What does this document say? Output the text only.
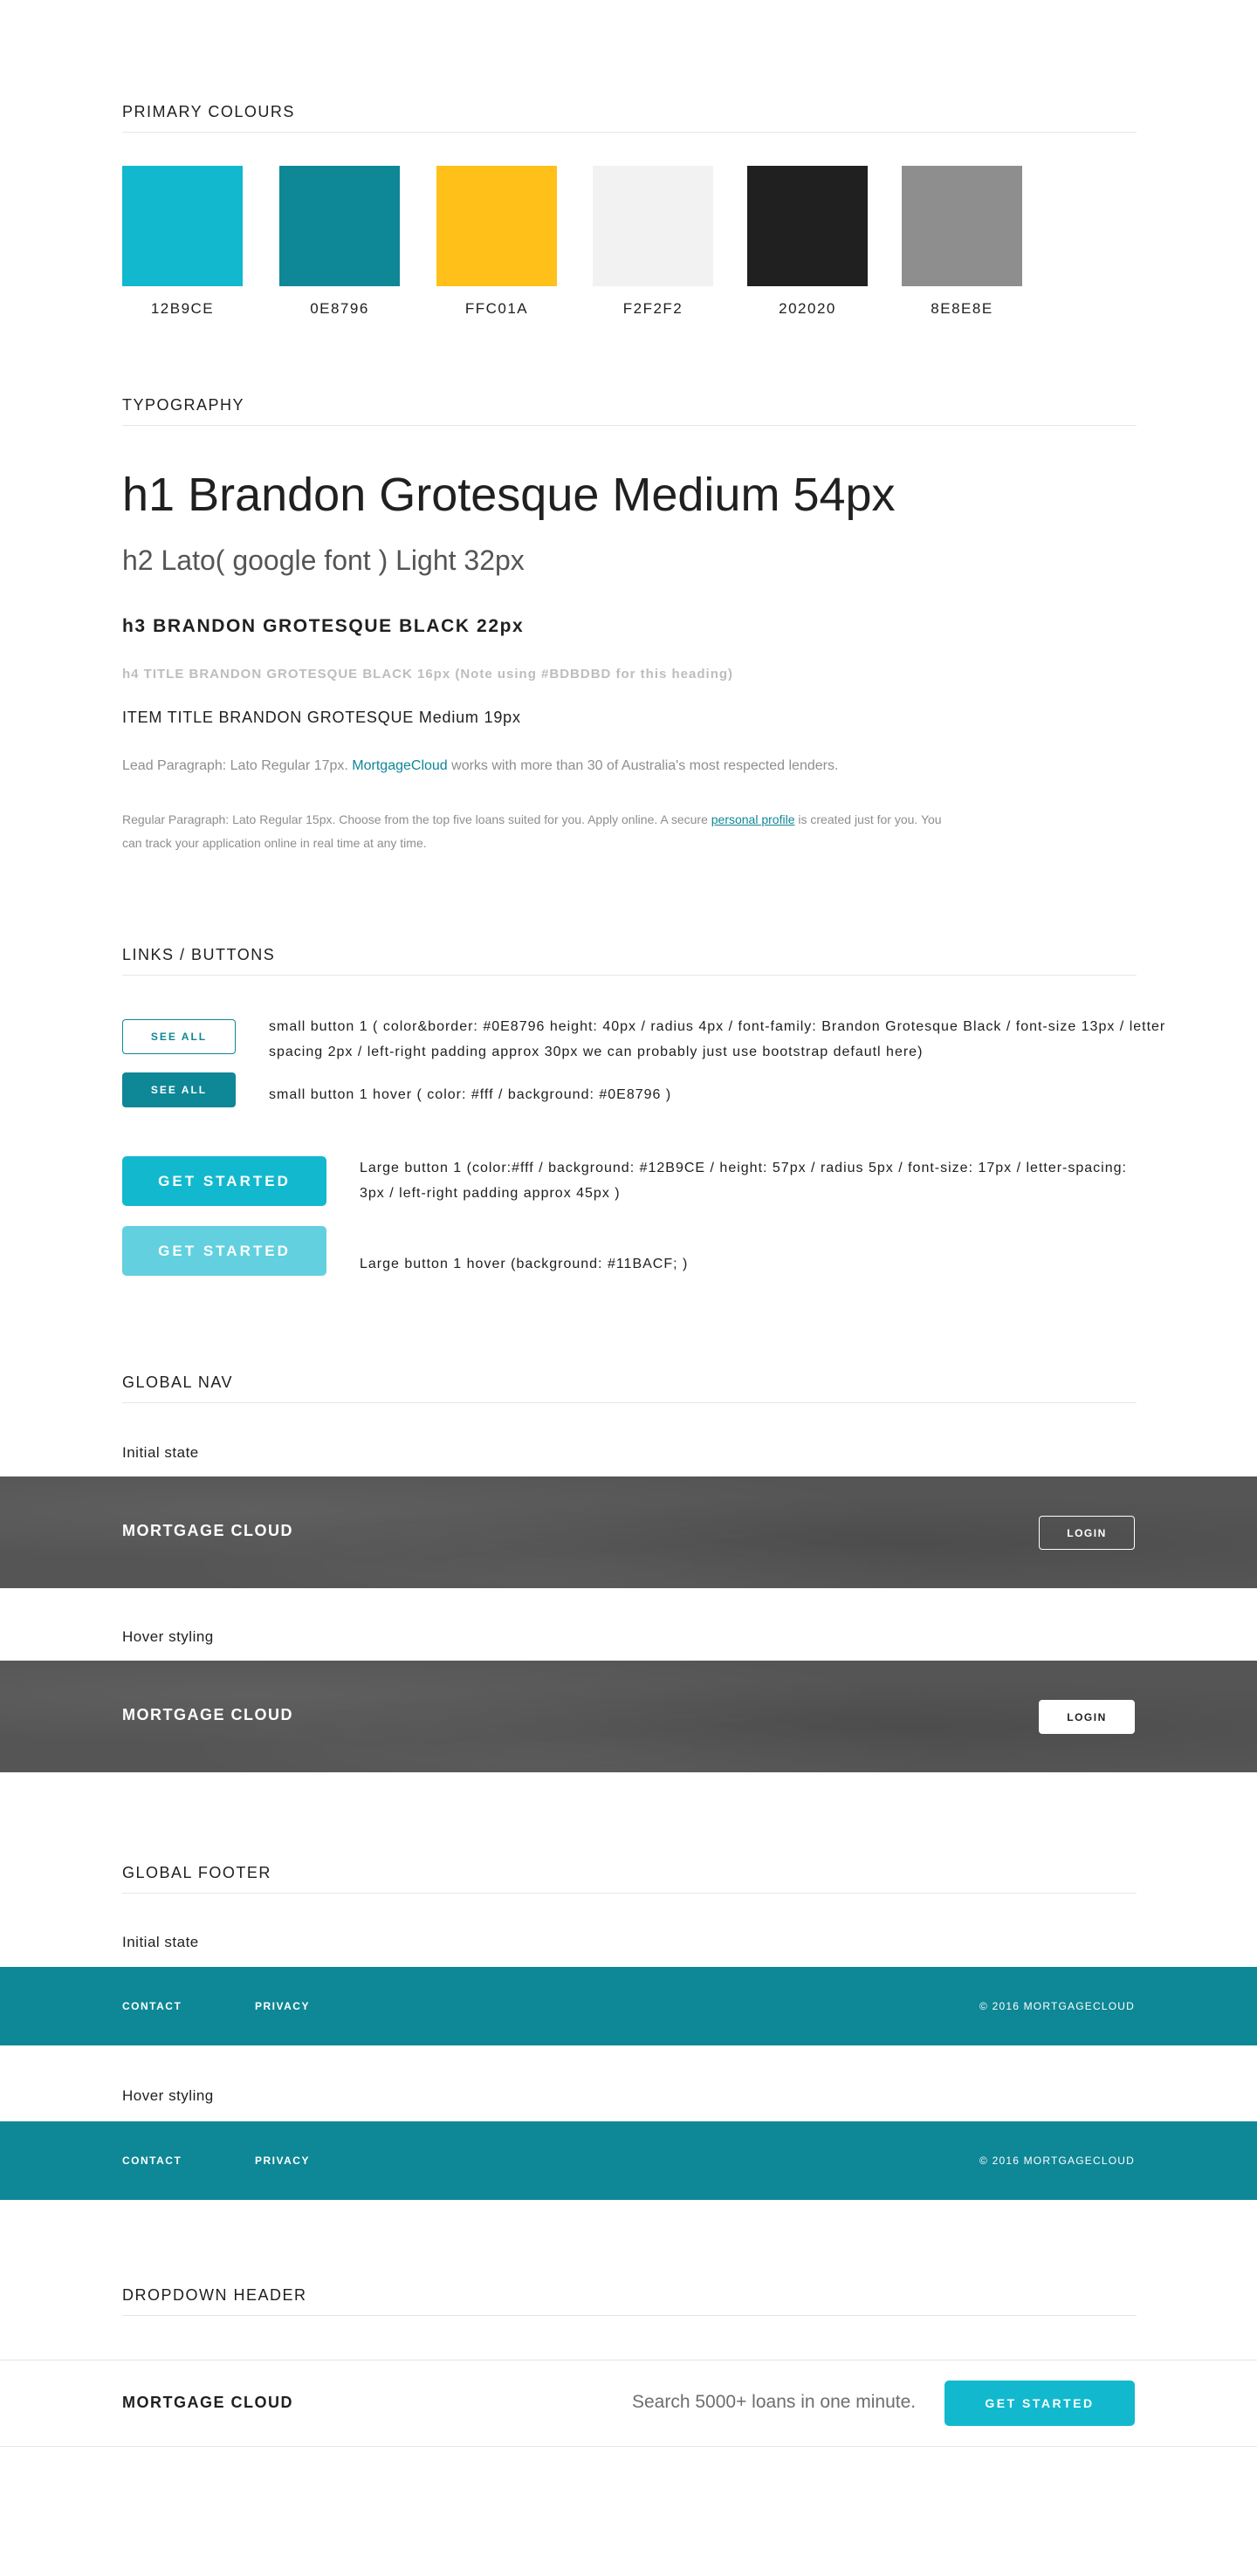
PRIMARY COLOURS
12B9CE	0E8796	FFC01A	F2F2F2	202020	8E8E8E
TYPOGRAPHY
h1 Brandon Grotesque Medium 54px
h2 Lato( google font ) Light 32px
h3 BRANDON GROTESQUE BLACK 22px
h4 TITLE BRANDON GROTESQUE BLACK 16px (Note using #BDBDBD for this heading)
ITEM TITLE BRANDON GROTESQUE Medium 19px
Lead Paragraph: Lato Regular 17px. MortgageCloud works with more than 30 of Australia's most respected lenders.
Regular Paragraph: Lato Regular 15px. Choose from the top five loans suited for you. Apply online. A secure personal profile is created just for you. You can track your application online in real time at any time.
LINKS / BUTTONS
SEE ALL
SEE ALL
small button 1 ( color&border: #0E8796 height: 40px / radius 4px / font-family: Brandon Grotesque Black / font-size 13px / letter spacing 2px / left-right padding approx 30px we can probably just use bootstrap defautl here)
small button 1 hover ( color: #fff / background: #0E8796 )
GET STARTED
GET STARTED
Large button 1 (color:#fff / background: #12B9CE / height: 57px / radius 5px / font-size: 17px / letter-spacing: 3px / left-right padding approx 45px )
Large button 1 hover (background: #11BACF; )
GLOBAL NAV
Initial state
MORTGAGE CLOUD	LOGIN
Hover styling
MORTGAGE CLOUD	LOGIN
GLOBAL FOOTER
Initial state
CONTACT	PRIVACY	© 2016 MORTGAGECLOUD
Hover styling
CONTACT	PRIVACY	© 2016 MORTGAGECLOUD
DROPDOWN HEADER
MORTGAGE CLOUD	Search 5000+ loans in one minute.	GET STARTED
